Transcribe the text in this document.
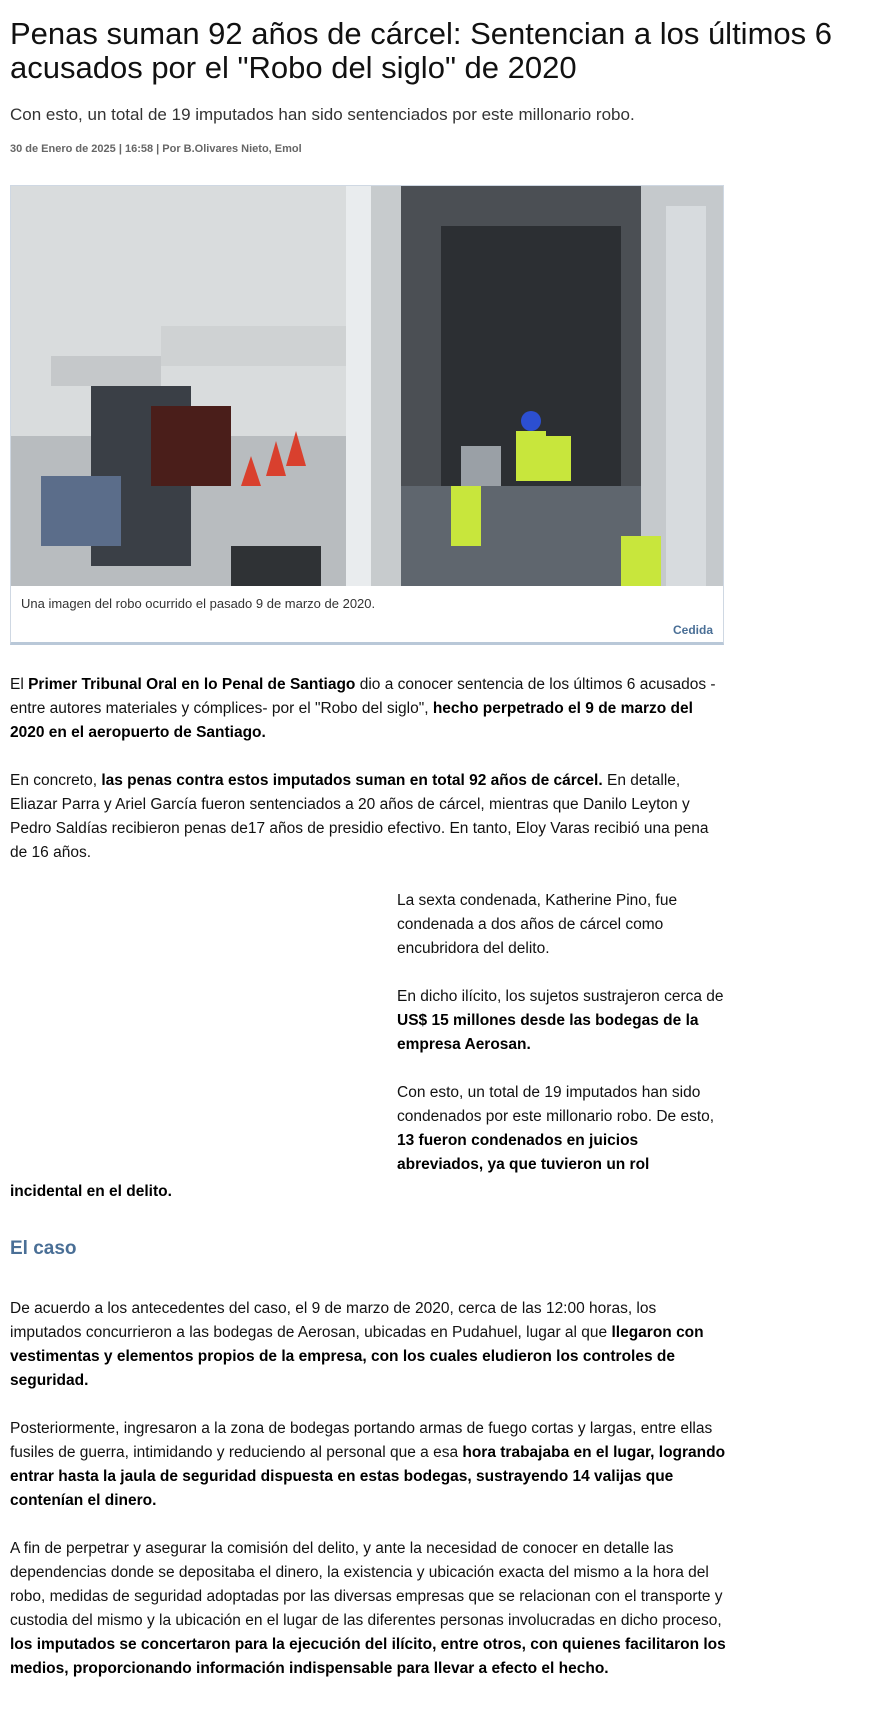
Penas suman 92 años de cárcel: Sentencian a los últimos 6 acusados por el "Robo del siglo" de 2020
Con esto, un total de 19 imputados han sido sentenciados por este millonario robo.
30 de Enero de 2025 | 16:58 | Por B.Olivares Nieto, Emol
Una imagen del robo ocurrido el pasado 9 de marzo de 2020.
Cedida

El Primer Tribunal Oral en lo Penal de Santiago dio a conocer sentencia de los últimos 6 acusados -entre autores materiales y cómplices- por el "Robo del siglo", hecho perpetrado el 9 de marzo del 2020 en el aeropuerto de Santiago.

En concreto, las penas contra estos imputados suman en total 92 años de cárcel. En detalle, Eliazar Parra y Ariel García fueron sentenciados a 20 años de cárcel, mientras que Danilo Leyton y Pedro Saldías recibieron penas de17 años de presidio efectivo. En tanto, Eloy Varas recibió una pena de 16 años.

La sexta condenada, Katherine Pino, fue condenada a dos años de cárcel como encubridora del delito.

En dicho ilícito, los sujetos sustrajeron cerca de US$ 15 millones desde las bodegas de la empresa Aerosan.

Con esto, un total de 19 imputados han sido condenados por este millonario robo. De esto, 13 fueron condenados en juicios abreviados, ya que tuvieron un rol

incidental en el delito.
El caso

De acuerdo a los antecedentes del caso, el 9 de marzo de 2020, cerca de las 12:00 horas, los imputados concurrieron a las bodegas de Aerosan, ubicadas en Pudahuel, lugar al que llegaron con vestimentas y elementos propios de la empresa, con los cuales eludieron los controles de seguridad.

Posteriormente, ingresaron a la zona de bodegas portando armas de fuego cortas y largas, entre ellas fusiles de guerra, intimidando y reduciendo al personal que a esa hora trabajaba en el lugar, logrando entrar hasta la jaula de seguridad dispuesta en estas bodegas, sustrayendo 14 valijas que contenían el dinero.

A fin de perpetrar y asegurar la comisión del delito, y ante la necesidad de conocer en detalle las dependencias donde se depositaba el dinero, la existencia y ubicación exacta del mismo a la hora del robo, medidas de seguridad adoptadas por las diversas empresas que se relacionan con el transporte y custodia del mismo y la ubicación en el lugar de las diferentes personas involucradas en dicho proceso, los imputados se concertaron para la ejecución del ilícito, entre otros, con quienes facilitaron los medios, proporcionando información indispensable para llevar a efecto el hecho.
